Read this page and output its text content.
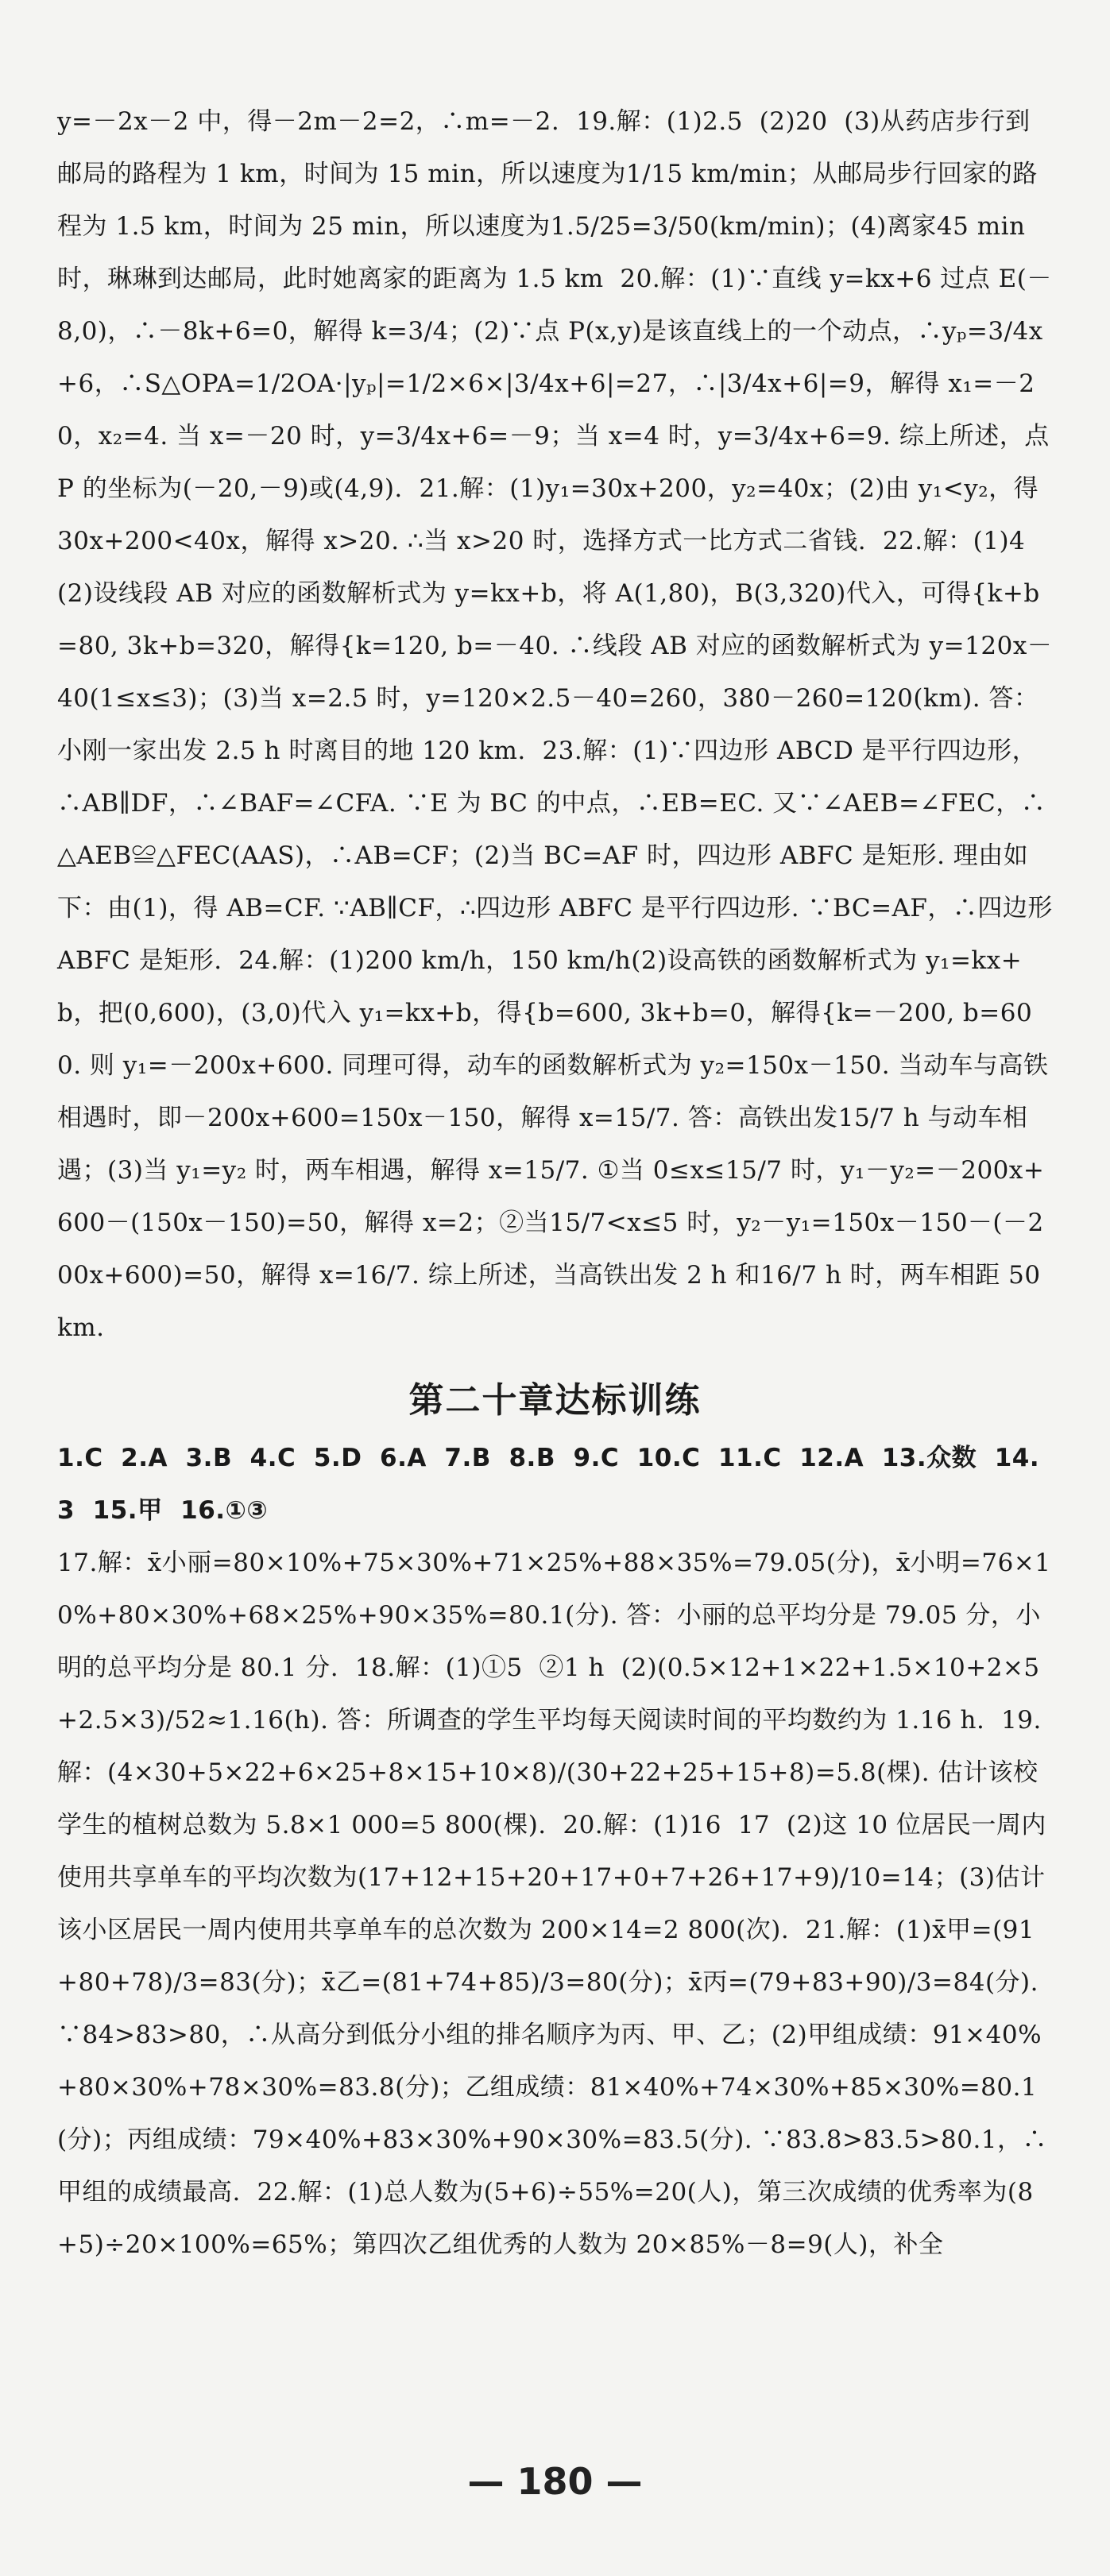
y=－2x－2 中，得－2m－2=2，∴m=－2.  19.解：(1)2.5  (2)20  (3)从药店步行到邮局的路程为 1 km，时间为 15 min，所以速度为1/15 km/min；从邮局步行回家的路程为 1.5 km，时间为 25 min，所以速度为1.5/25=3/50(km/min)；(4)离家45 min时，琳琳到达邮局，此时她离家的距离为 1.5 km  20.解：(1)∵直线 y=kx+6 过点 E(－8,0)，∴－8k+6=0，解得 k=3/4；(2)∵点 P(x,y)是该直线上的一个动点，∴yₚ=3/4x+6，∴S△OPA=1/2OA·|yₚ|=1/2×6×|3/4x+6|=27，∴|3/4x+6|=9，解得 x₁=－20，x₂=4. 当 x=－20 时，y=3/4x+6=－9；当 x=4 时，y=3/4x+6=9. 综上所述，点 P 的坐标为(－20,－9)或(4,9).  21.解：(1)y₁=30x+200，y₂=40x；(2)由 y₁<y₂，得 30x+200<40x，解得 x>20. ∴当 x>20 时，选择方式一比方式二省钱.  22.解：(1)4  (2)设线段 AB 对应的函数解析式为 y=kx+b，将 A(1,80)，B(3,320)代入，可得{k+b=80, 3k+b=320，解得{k=120, b=－40. ∴线段 AB 对应的函数解析式为 y=120x－40(1≤x≤3)；(3)当 x=2.5 时，y=120×2.5－40=260，380－260=120(km). 答：小刚一家出发 2.5 h 时离目的地 120 km.  23.解：(1)∵四边形 ABCD 是平行四边形，∴AB∥DF，∴∠BAF=∠CFA. ∵E 为 BC 的中点，∴EB=EC. 又∵∠AEB=∠FEC，∴△AEB≌△FEC(AAS)，∴AB=CF；(2)当 BC=AF 时，四边形 ABFC 是矩形. 理由如下：由(1)，得 AB=CF. ∵AB∥CF，∴四边形 ABFC 是平行四边形. ∵BC=AF，∴四边形 ABFC 是矩形.  24.解：(1)200 km/h，150 km/h(2)设高铁的函数解析式为 y₁=kx+b，把(0,600)，(3,0)代入 y₁=kx+b，得{b=600, 3k+b=0，解得{k=－200, b=600. 则 y₁=－200x+600. 同理可得，动车的函数解析式为 y₂=150x－150. 当动车与高铁相遇时，即－200x+600=150x－150，解得 x=15/7. 答：高铁出发15/7 h 与动车相遇；(3)当 y₁=y₂ 时，两车相遇，解得 x=15/7. ①当 0≤x≤15/7 时，y₁－y₂=－200x+600－(150x－150)=50，解得 x=2；②当15/7<x≤5 时，y₂－y₁=150x－150－(－200x+600)=50，解得 x=16/7. 综上所述，当高铁出发 2 h 和16/7 h 时，两车相距 50 km.

第二十章达标训练

1.C  2.A  3.B  4.C  5.D  6.A  7.B  8.B  9.C  10.C  11.C  12.A  13.众数  14.3  15.甲  16.①③

17.解：x̄小丽=80×10%+75×30%+71×25%+88×35%=79.05(分)，x̄小明=76×10%+80×30%+68×25%+90×35%=80.1(分). 答：小丽的总平均分是 79.05 分，小明的总平均分是 80.1 分.  18.解：(1)①5  ②1 h  (2)(0.5×12+1×22+1.5×10+2×5+2.5×3)/52≈1.16(h). 答：所调查的学生平均每天阅读时间的平均数约为 1.16 h.  19.解：(4×30+5×22+6×25+8×15+10×8)/(30+22+25+15+8)=5.8(棵). 估计该校学生的植树总数为 5.8×1 000=5 800(棵).  20.解：(1)16  17  (2)这 10 位居民一周内使用共享单车的平均次数为(17+12+15+20+17+0+7+26+17+9)/10=14；(3)估计该小区居民一周内使用共享单车的总次数为 200×14=2 800(次).  21.解：(1)x̄甲=(91+80+78)/3=83(分)；x̄乙=(81+74+85)/3=80(分)；x̄丙=(79+83+90)/3=84(分). ∵84>83>80，∴从高分到低分小组的排名顺序为丙、甲、乙；(2)甲组成绩：91×40%+80×30%+78×30%=83.8(分)；乙组成绩：81×40%+74×30%+85×30%=80.1(分)；丙组成绩：79×40%+83×30%+90×30%=83.5(分). ∵83.8>83.5>80.1，∴甲组的成绩最高.  22.解：(1)总人数为(5+6)÷55%=20(人)，第三次成绩的优秀率为(8+5)÷20×100%=65%；第四次乙组优秀的人数为 20×85%－8=9(人)，补全

— 180 —
